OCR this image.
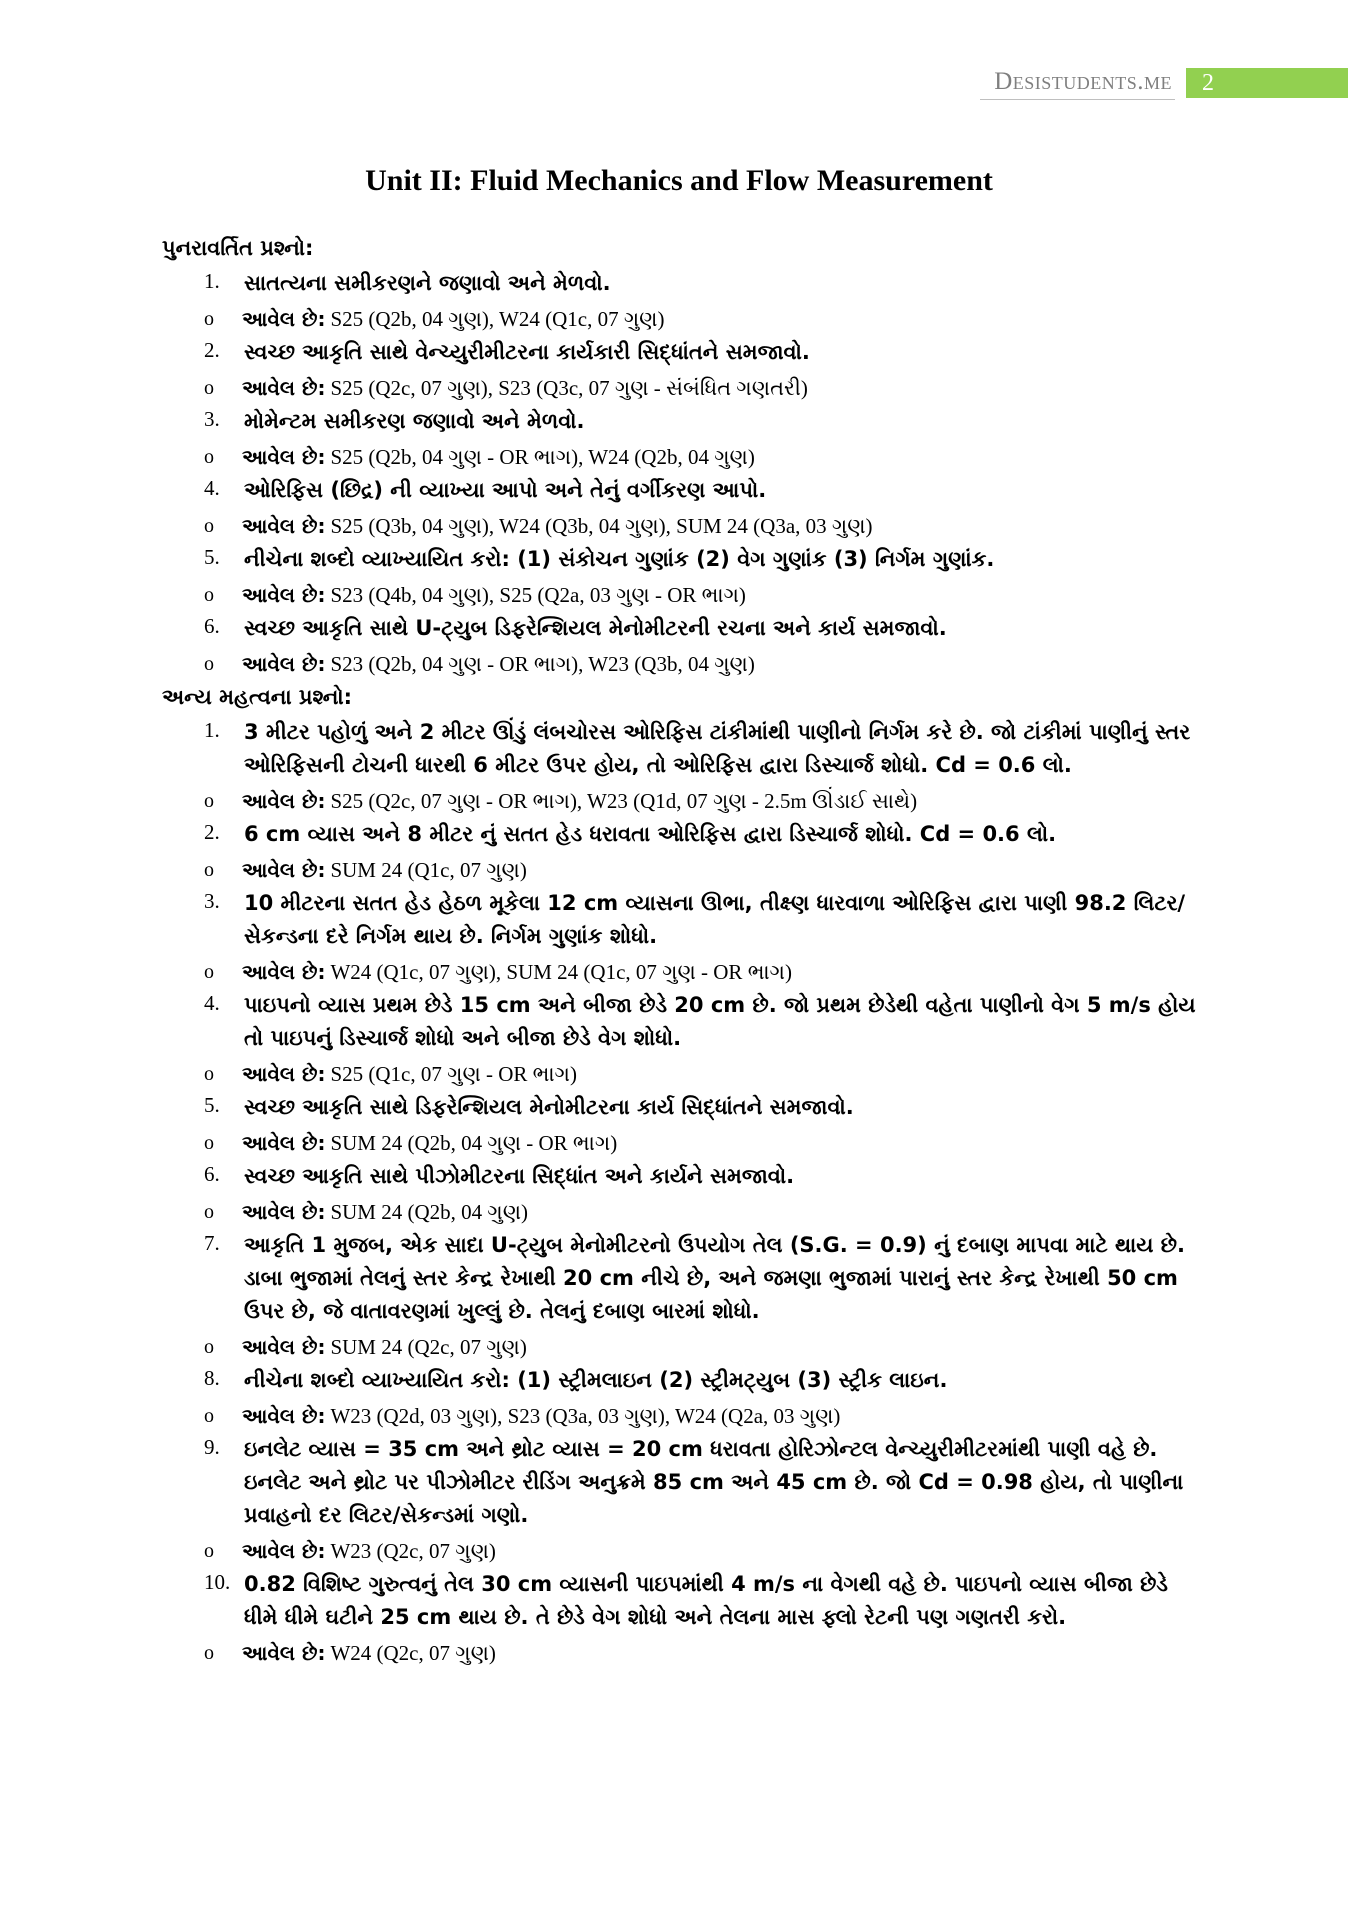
Desistudents.me	2
Unit II: Fluid Mechanics and Flow Measurement
પુનરાવર્તિત પ્રશ્નો:
1. સાતત્યના સમીકરણને જણાવો અને મેળવો.
o આવેલ છે: S25 (Q2b, 04 ગુણ), W24 (Q1c, 07 ગુણ)
2. સ્વચ્છ આકૃતિ સાથે વેન્ચ્યુરીમીટરના કાર્યકારી સિદ્ધાંતને સમજાવો.
o આવેલ છે: S25 (Q2c, 07 ગુણ), S23 (Q3c, 07 ગુણ - સંબંધિત ગણતરી)
3. મોમેન્ટમ સમીકરણ જણાવો અને મેળવો.
o આવેલ છે: S25 (Q2b, 04 ગુણ - OR ભાગ), W24 (Q2b, 04 ગુણ)
4. ઓરિફિસ (છિદ્ર) ની વ્યાખ્યા આપો અને તેનું વર્ગીકરણ આપો.
o આવેલ છે: S25 (Q3b, 04 ગુણ), W24 (Q3b, 04 ગુણ), SUM 24 (Q3a, 03 ગુણ)
5. નીચેના શબ્દો વ્યાખ્યાયિત કરો: (1) સંકોચન ગુણાંક (2) વેગ ગુણાંક (3) નિર્ગમ ગુણાંક.
o આવેલ છે: S23 (Q4b, 04 ગુણ), S25 (Q2a, 03 ગુણ - OR ભાગ)
6. સ્વચ્છ આકૃતિ સાથે U-ટ્યુબ ડિફરેન્શિયલ મેનોમીટરની રચના અને કાર્ય સમજાવો.
o આવેલ છે: S23 (Q2b, 04 ગુણ - OR ભાગ), W23 (Q3b, 04 ગુણ)
અન્ય મહત્વના પ્રશ્નો:
1. 3 મીટર પહોળું અને 2 મીટર ઊંડું લંબચોરસ ઓરિફિસ ટાંકીમાંથી પાણીનો નિર્ગમ કરે છે. જો ટાંકીમાં પાણીનું સ્તર ઓરિફિસની ટોચની ધારથી 6 મીટર ઉપર હોય, તો ઓરિફિસ દ્વારા ડિસ્ચાર્જ શોધો. Cd = 0.6 લો.
o આવેલ છે: S25 (Q2c, 07 ગુણ - OR ભાગ), W23 (Q1d, 07 ગુણ - 2.5m ઊંડાઈ સાથે)
2. 6 cm વ્યાસ અને 8 મીટર નું સતત હેડ ધરાવતા ઓરિફિસ દ્વારા ડિસ્ચાર્જ શોધો. Cd = 0.6 લો.
o આવેલ છે: SUM 24 (Q1c, 07 ગુણ)
3. 10 મીટરના સતત હેડ હેઠળ મૂકેલા 12 cm વ્યાસના ઊભા, તીક્ષ્ણ ધારવાળા ઓરિફિસ દ્વારા પાણી 98.2 લિટર/સેકન્ડના દરે નિર્ગમ થાય છે. નિર્ગમ ગુણાંક શોધો.
o આવેલ છે: W24 (Q1c, 07 ગુણ), SUM 24 (Q1c, 07 ગુણ - OR ભાગ)
4. પાઇપનો વ્યાસ પ્રથમ છેડે 15 cm અને બીજા છેડે 20 cm છે. જો પ્રથમ છેડેથી વહેતા પાણીનો વેગ 5 m/s હોય તો પાઇપનું ડિસ્ચાર્જ શોધો અને બીજા છેડે વેગ શોધો.
o આવેલ છે: S25 (Q1c, 07 ગુણ - OR ભાગ)
5. સ્વચ્છ આકૃતિ સાથે ડિફરેન્શિયલ મેનોમીટરના કાર્ય સિદ્ધાંતને સમજાવો.
o આવેલ છે: SUM 24 (Q2b, 04 ગુણ - OR ભાગ)
6. સ્વચ્છ આકૃતિ સાથે પીઝોમીટરના સિદ્ધાંત અને કાર્યને સમજાવો.
o આવેલ છે: SUM 24 (Q2b, 04 ગુણ)
7. આકૃતિ 1 મુજબ, એક સાદા U-ટ્યુબ મેનોમીટરનો ઉપયોગ તેલ (S.G. = 0.9) નું દબાણ માપવા માટે થાય છે. ડાબા ભુજામાં તેલનું સ્તર કેન્દ્ર રેખાથી 20 cm નીચે છે, અને જમણા ભુજામાં પારાનું સ્તર કેન્દ્ર રેખાથી 50 cm ઉપર છે, જે વાતાવરણમાં ખુલ્લું છે. તેલનું દબાણ બારમાં શોધો.
o આવેલ છે: SUM 24 (Q2c, 07 ગુણ)
8. નીચેના શબ્દો વ્યાખ્યાયિત કરો: (1) સ્ટ્રીમલાઇન (2) સ્ટ્રીમટ્યુબ (3) સ્ટ્રીક લાઇન.
o આવેલ છે: W23 (Q2d, 03 ગુણ), S23 (Q3a, 03 ગુણ), W24 (Q2a, 03 ગુણ)
9. ઇનલેટ વ્યાસ = 35 cm અને થ્રોટ વ્યાસ = 20 cm ધરાવતા હોરિઝોન્ટલ વેન્ચ્યુરીમીટરમાંથી પાણી વહે છે. ઇનલેટ અને થ્રોટ પર પીઝોમીટર રીડિંગ અનુક્રમે 85 cm અને 45 cm છે. જો Cd = 0.98 હોય, તો પાણીના પ્રવાહનો દર લિટર/સેકન્ડમાં ગણો.
o આવેલ છે: W23 (Q2c, 07 ગુણ)
10. 0.82 વિશિષ્ટ ગુરુત્વનું તેલ 30 cm વ્યાસની પાઇપમાંથી 4 m/s ના વેગથી વહે છે. પાઇપનો વ્યાસ બીજા છેડે ધીમે ધીમે ઘટીને 25 cm થાય છે. તે છેડે વેગ શોધો અને તેલના માસ ફ્લો રેટની પણ ગણતરી કરો.
o આવેલ છે: W24 (Q2c, 07 ગુણ)
